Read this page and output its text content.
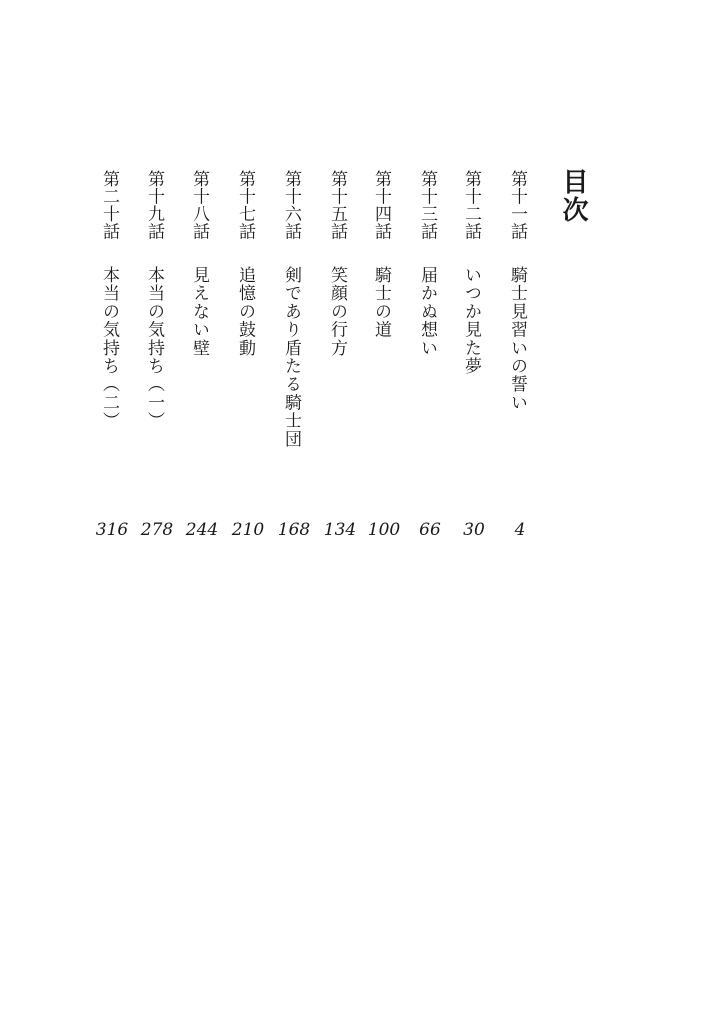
目次
第十一話
騎士見習いの誓い
4
第十二話
いつか見た夢
30
第十三話
届かぬ想い
66
第十四話
騎士の道
100
第十五話
笑顔の行方
134
第十六話
剣であり盾たる騎士団
168
第十七話
追憶の鼓動
210
第十八話
見えない壁
244
第十九話
本当の気持ち（一）
278
第二十話
本当の気持ち（二）
316
